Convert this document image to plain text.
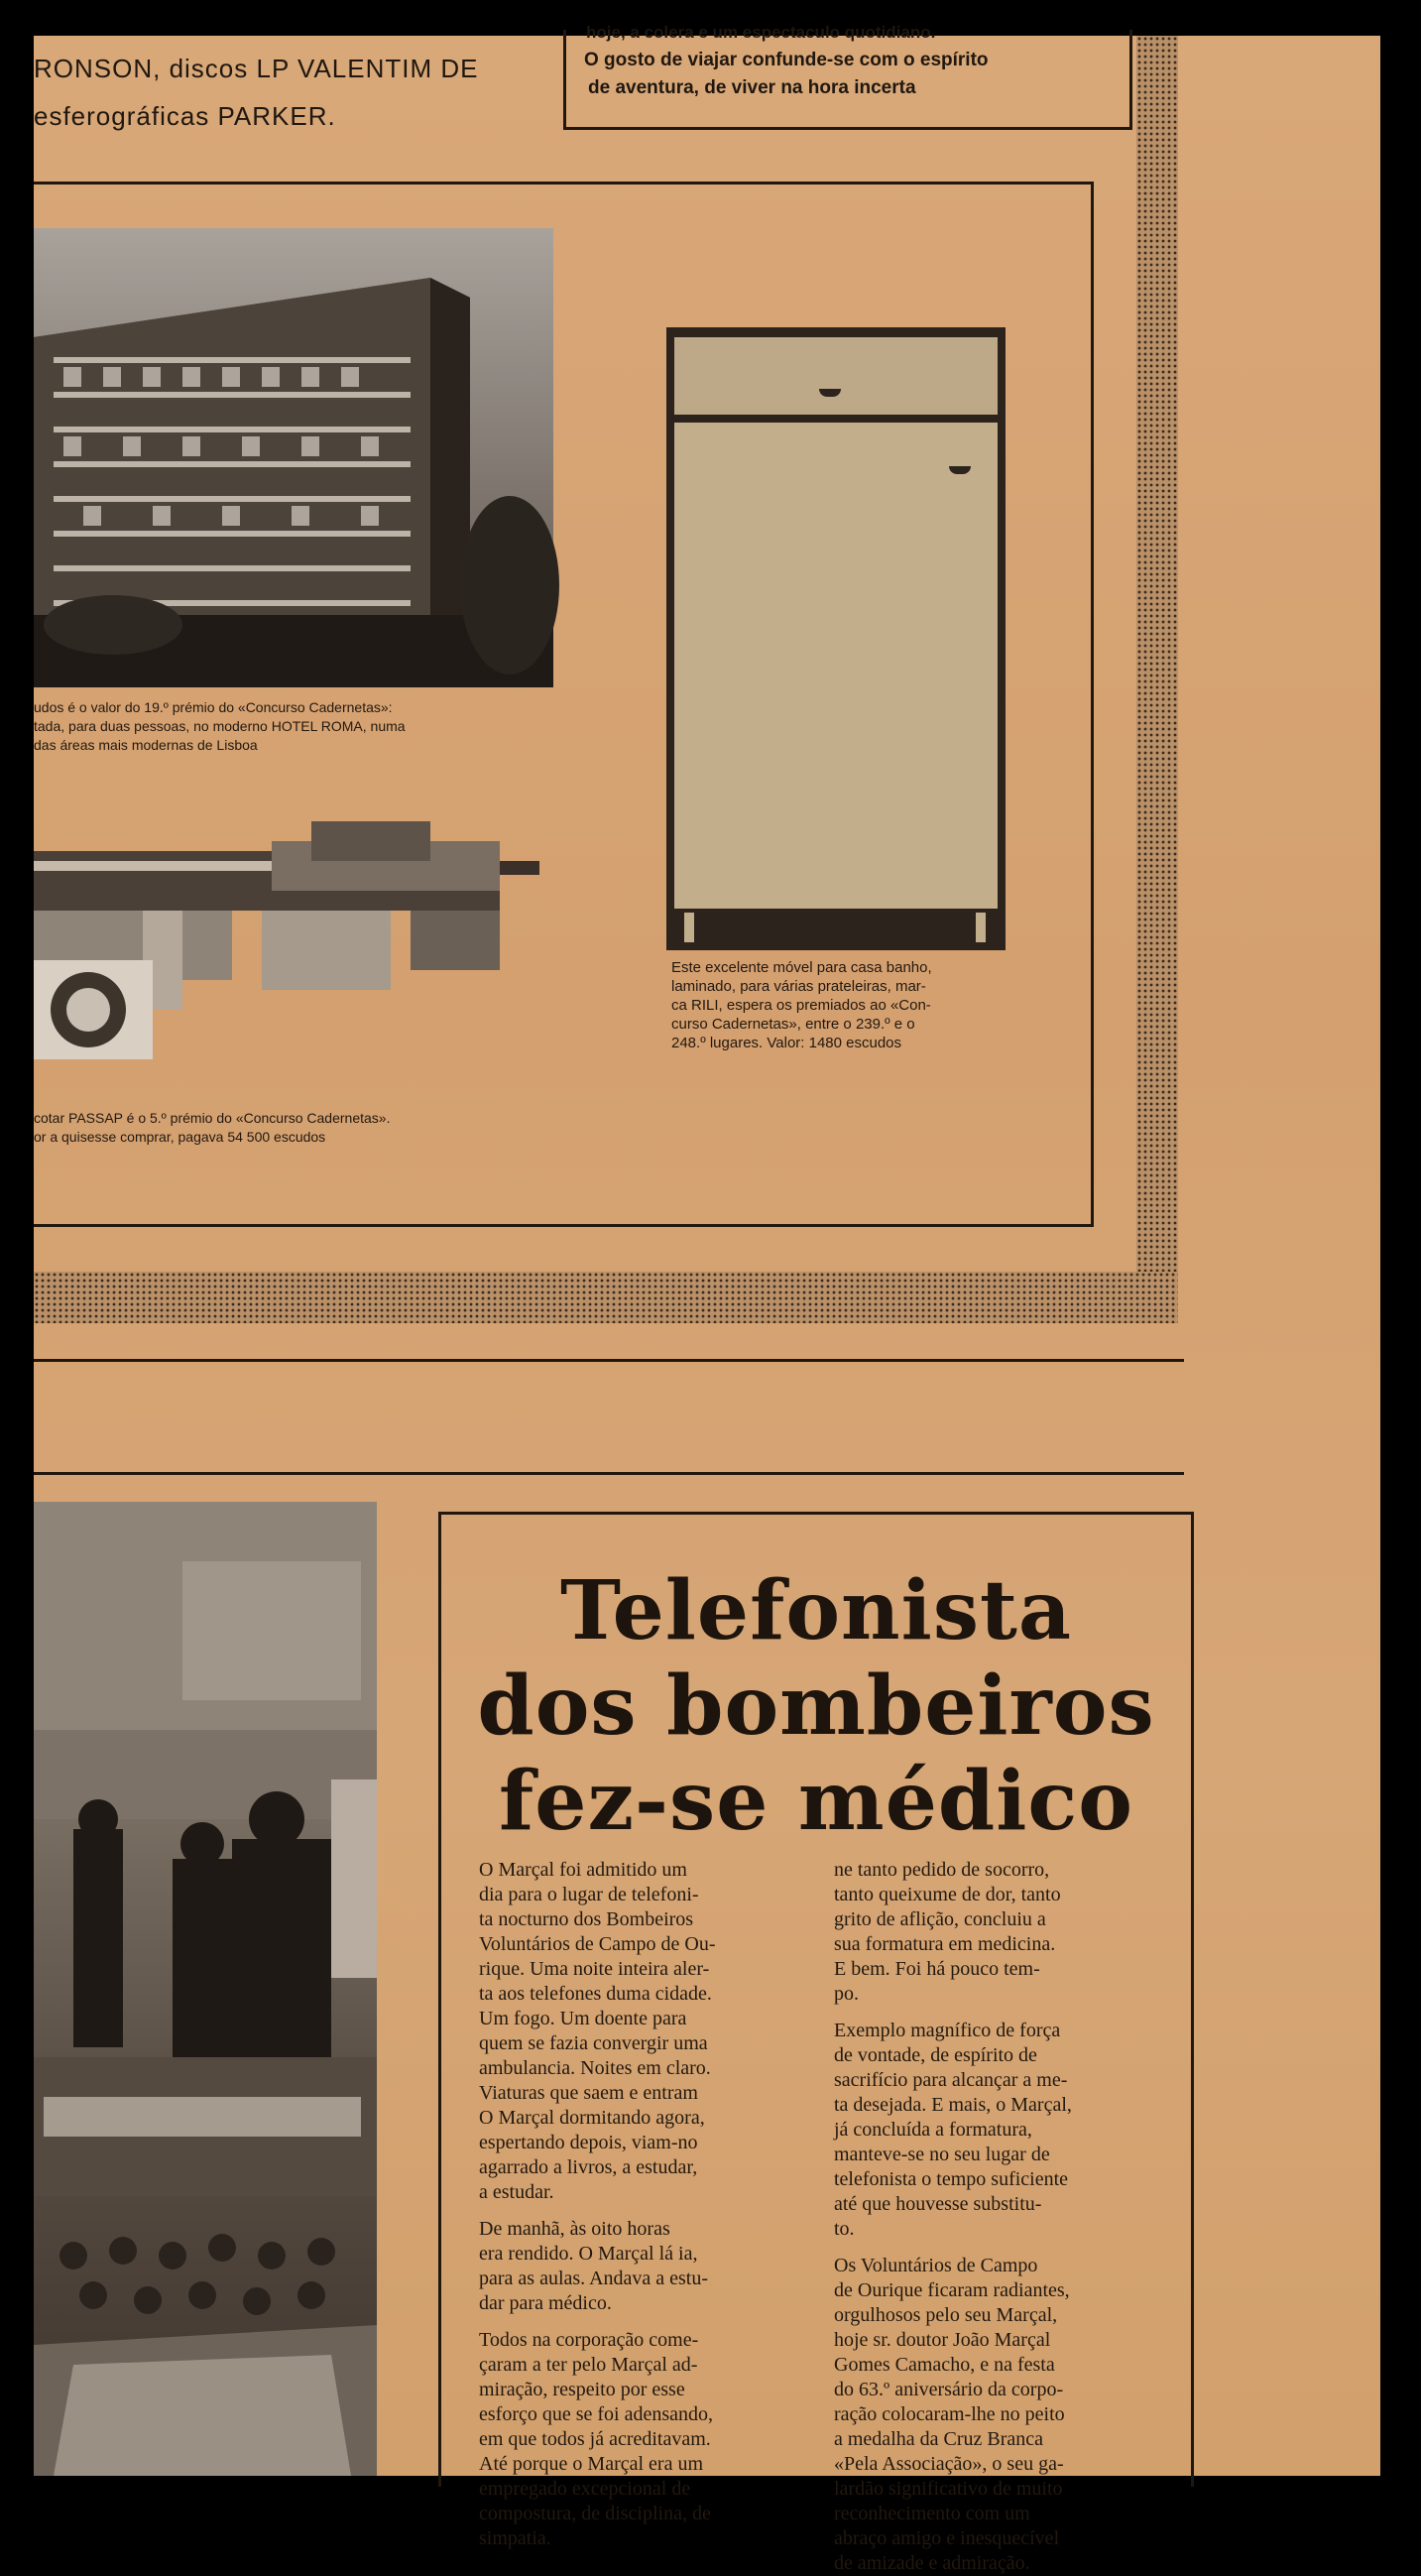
RONSON, discos LP VALENTIM DE
esferográficas PARKER.
hoje, a colera e um espectaculo quotidiano.
O gosto de viajar confunde-se com o espírito
de aventura, de viver na hora incerta
udos é o valor do 19.º prémio do «Concurso Cadernetas»:
tada, para duas pessoas, no moderno HOTEL ROMA, numa
das áreas mais modernas de Lisboa
cotar PASSAP é o 5.º prémio do «Concurso Cadernetas».
or a quisesse comprar, pagava 54 500 escudos
Este excelente móvel para casa banho,
laminado, para várias prateleiras, mar-
ca RILI, espera os premiados ao «Con-
curso Cadernetas», entre o 239.º e o
248.º lugares. Valor: 1480 escudos
Telefonista
dos bombeiros
fez-se médico
O Marçal foi admitido um
dia para o lugar de telefoni-
ta nocturno dos Bombeiros
Voluntários de Campo de Ou-
rique. Uma noite inteira aler-
ta aos telefones duma cidade.
Um fogo. Um doente para
quem se fazia convergir uma
ambulancia. Noites em claro.
Viaturas que saem e entram
O Marçal dormitando agora,
espertando depois, viam-no
agarrado a livros, a estudar,
a estudar.
De manhã, às oito horas
era rendido. O Marçal lá ia,
para as aulas. Andava a estu-
dar para médico.
Todos na corporação come-
çaram a ter pelo Marçal ad-
miração, respeito por esse
esforço que se foi adensando,
em que todos já acreditavam.
Até porque o Marçal era um
empregado excepcional de
compostura, de disciplina, de
simpatia.
ne tanto pedido de socorro,
tanto queixume de dor, tanto
grito de aflição, concluiu a
sua formatura em medicina.
E bem. Foi há pouco tem-
po.
Exemplo magnífico de força
de vontade, de espírito de
sacrifício para alcançar a me-
ta desejada. E mais, o Marçal,
já concluída a formatura,
manteve-se no seu lugar de
telefonista o tempo suficiente
até que houvesse substitu-
to.
Os Voluntários de Campo
de Ourique ficaram radiantes,
orgulhosos pelo seu Marçal,
hoje sr. doutor João Marçal
Gomes Camacho, e na festa
do 63.º aniversário da corpo-
ração colocaram-lhe no peito
a medalha da Cruz Branca
«Pela Associação», o seu ga-
lardão significativo de muito
reconhecimento com um
abraço amigo e inesquecível
de amizade e admiração.
